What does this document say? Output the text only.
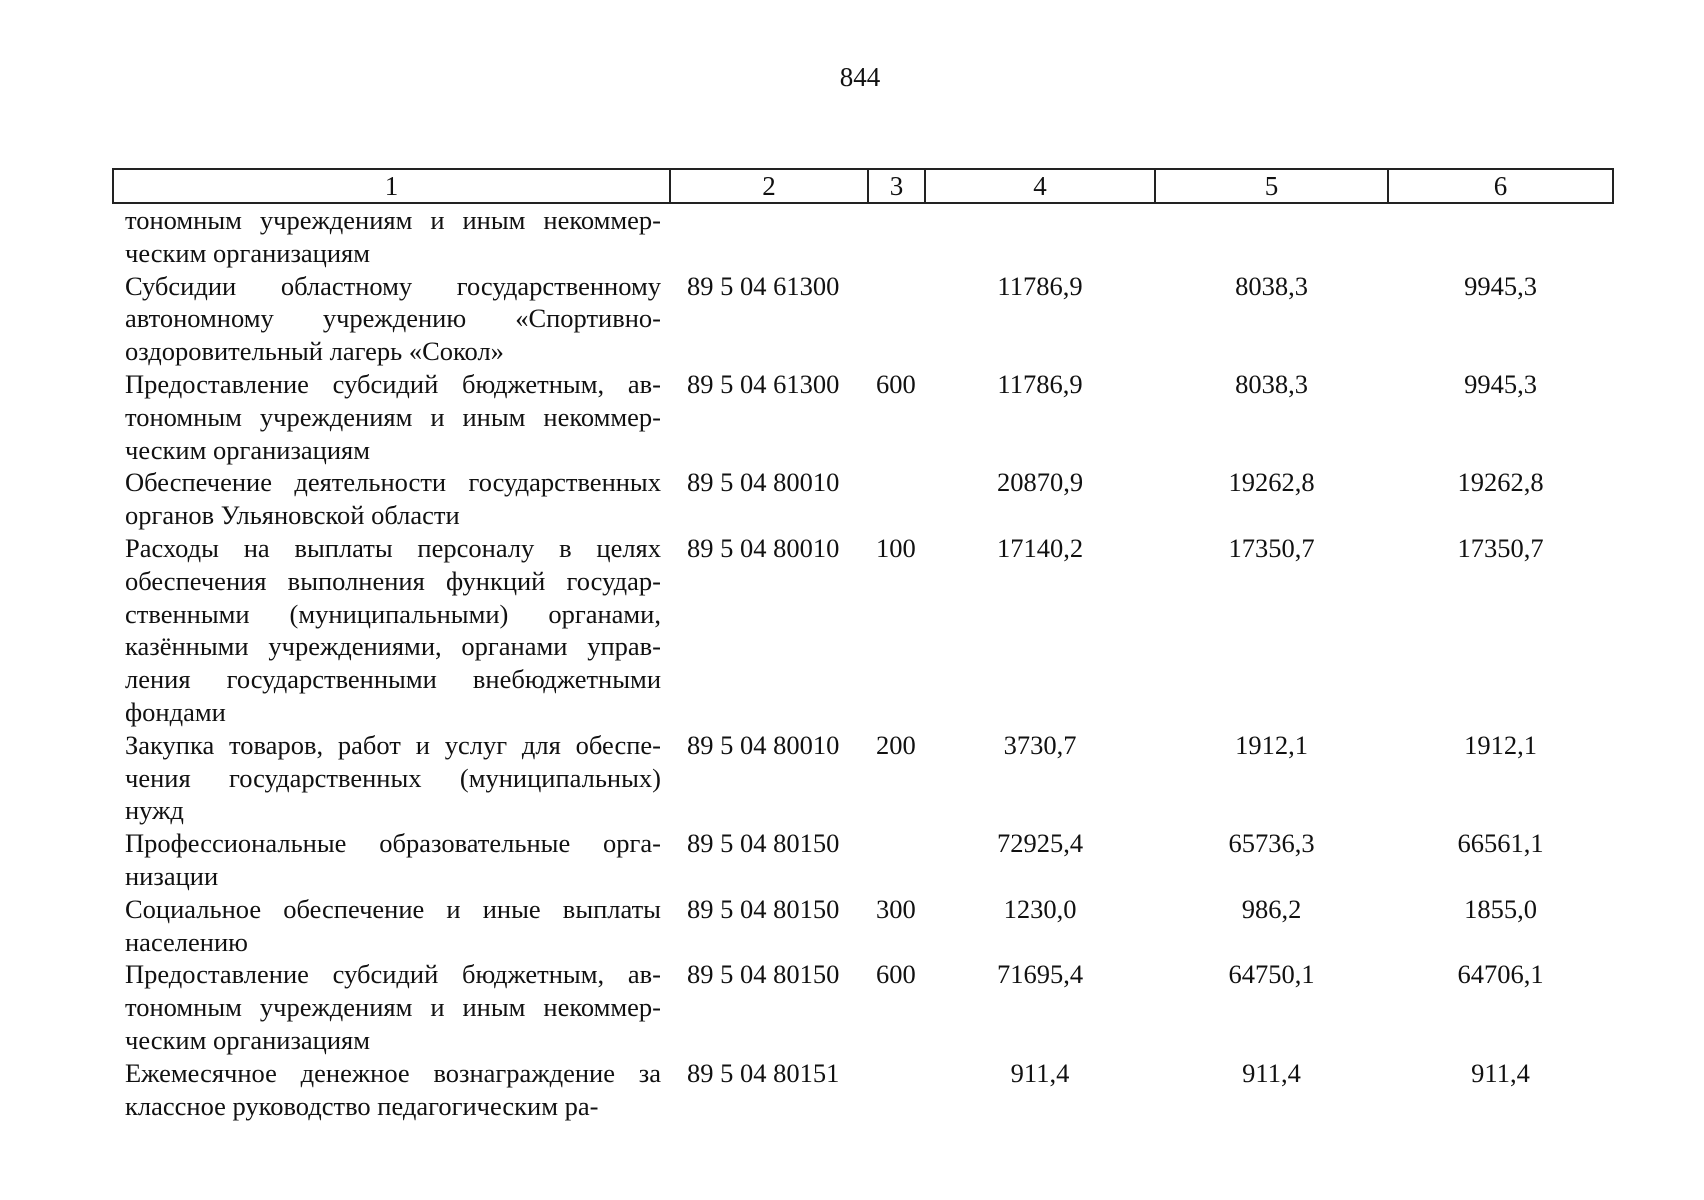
844
1	2	3	4	5	6
тономным учреждениям и иным некоммерческим организациям					
Субсидии областному государственному автономному учреждению «Спортивно-оздоровительный лагерь «Сокол»	89 5 04 61300		11786,9	8038,3	9945,3
Предоставление субсидий бюджетным, автономным учреждениям и иным некоммерческим организациям	89 5 04 61300	600	11786,9	8038,3	9945,3
Обеспечение деятельности государственных органов Ульяновской области	89 5 04 80010		20870,9	19262,8	19262,8
Расходы на выплаты персоналу в целях обеспечения выполнения функций государственными (муниципальными) органами, казёнными учреждениями, органами управления государственными внебюджетными фондами	89 5 04 80010	100	17140,2	17350,7	17350,7
Закупка товаров, работ и услуг для обеспечения государственных (муниципальных) нужд	89 5 04 80010	200	3730,7	1912,1	1912,1
Профессиональные образовательные организации	89 5 04 80150		72925,4	65736,3	66561,1
Социальное обеспечение и иные выплаты населению	89 5 04 80150	300	1230,0	986,2	1855,0
Предоставление субсидий бюджетным, автономным учреждениям и иным некоммерческим организациям	89 5 04 80150	600	71695,4	64750,1	64706,1
Ежемесячное денежное вознаграждение за классное руководство педагогическим ра-	89 5 04 80151		911,4	911,4	911,4
